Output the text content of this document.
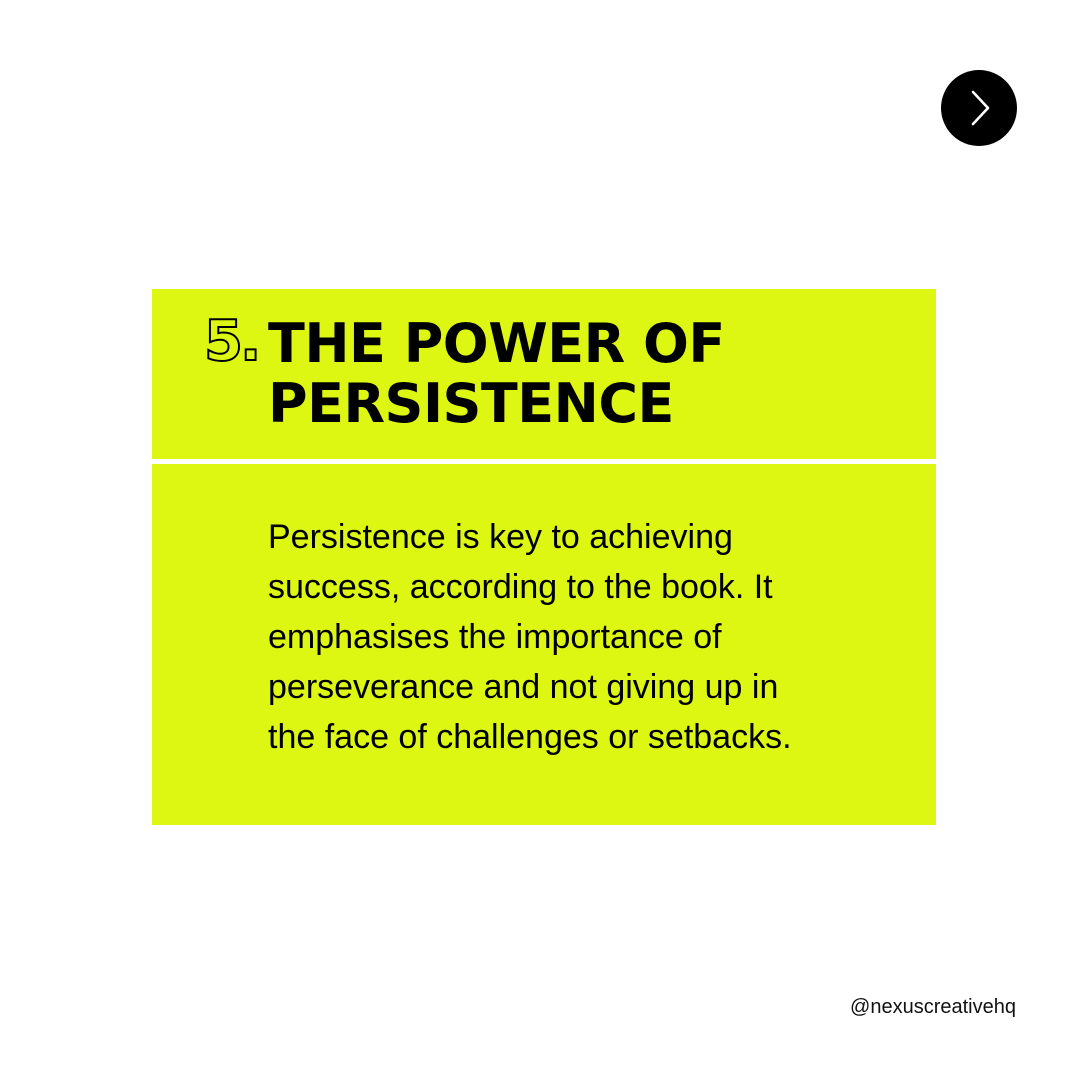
5. THE POWER OF
PERSISTENCE
Persistence is key to achieving
success, according to the book. It
emphasises the importance of
perseverance and not giving up in
the face of challenges or setbacks.
@nexuscreativehq
